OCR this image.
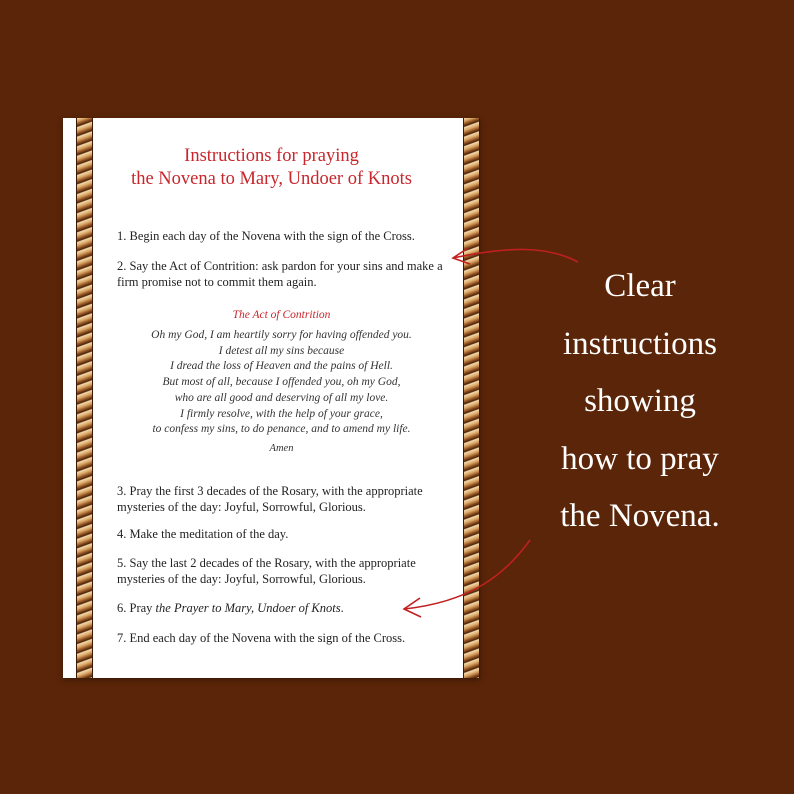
Instructions for praying
the Novena to Mary, Undoer of Knots
1. Begin each day of the Novena with the sign of the Cross.
2. Say the Act of Contrition: ask pardon for your sins and make a firm promise not to commit them again.
The Act of Contrition
Oh my God, I am heartily sorry for having offended you.
I detest all my sins because
I dread the loss of Heaven and the pains of Hell.
But most of all, because I offended you, oh my God,
who are all good and deserving of all my love.
I firmly resolve, with the help of your grace,
to confess my sins, to do penance, and to amend my life.
Amen
3. Pray the first 3 decades of the Rosary, with the appropriate mysteries of the day: Joyful, Sorrowful, Glorious.
4. Make the meditation of the day.
5. Say the last 2 decades of the Rosary, with the appropriate mysteries of the day: Joyful, Sorrowful, Glorious.
6. Pray the Prayer to Mary, Undoer of Knots.
7. End each day of the Novena with the sign of the Cross.
Clear
instructions
showing
how to pray
the Novena.
